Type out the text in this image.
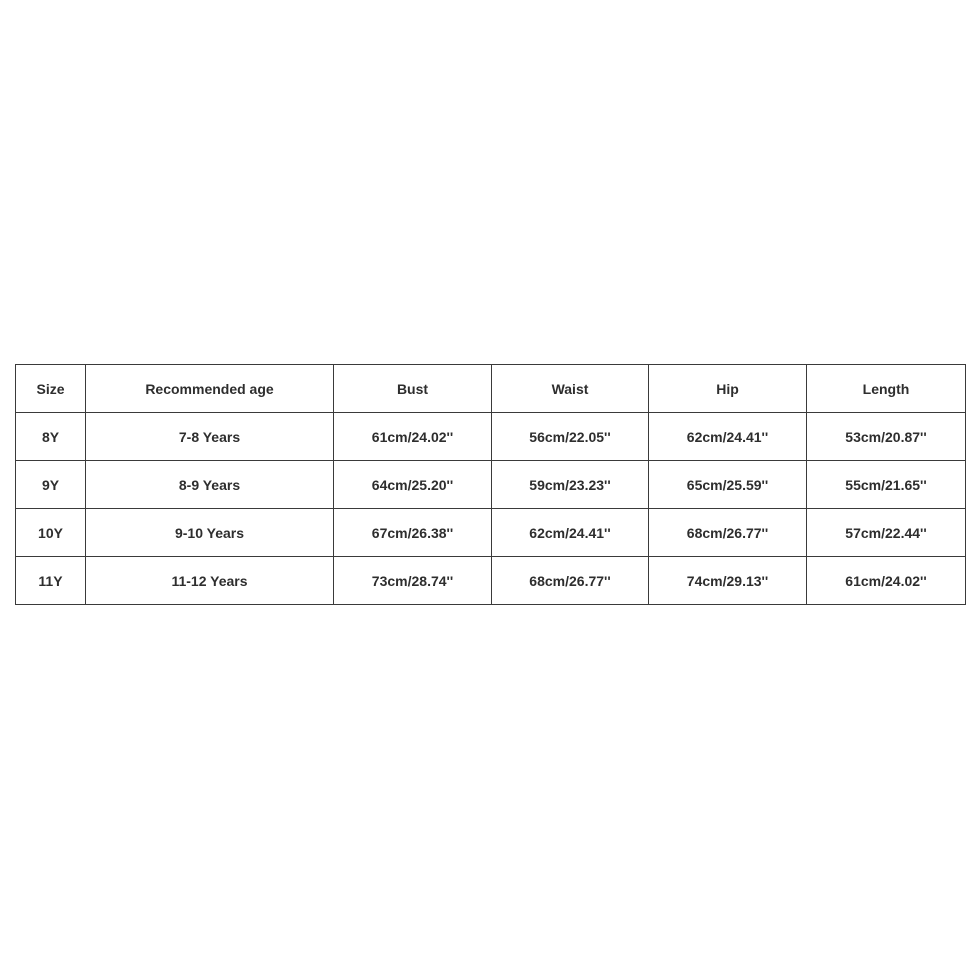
Size	Recommended age	Bust	Waist	Hip	Length
8Y	7-8 Years	61cm/24.02''	56cm/22.05''	62cm/24.41''	53cm/20.87''
9Y	8-9 Years	64cm/25.20''	59cm/23.23''	65cm/25.59''	55cm/21.65''
10Y	9-10 Years	67cm/26.38''	62cm/24.41''	68cm/26.77''	57cm/22.44''
11Y	11-12 Years	73cm/28.74''	68cm/26.77''	74cm/29.13''	61cm/24.02''
